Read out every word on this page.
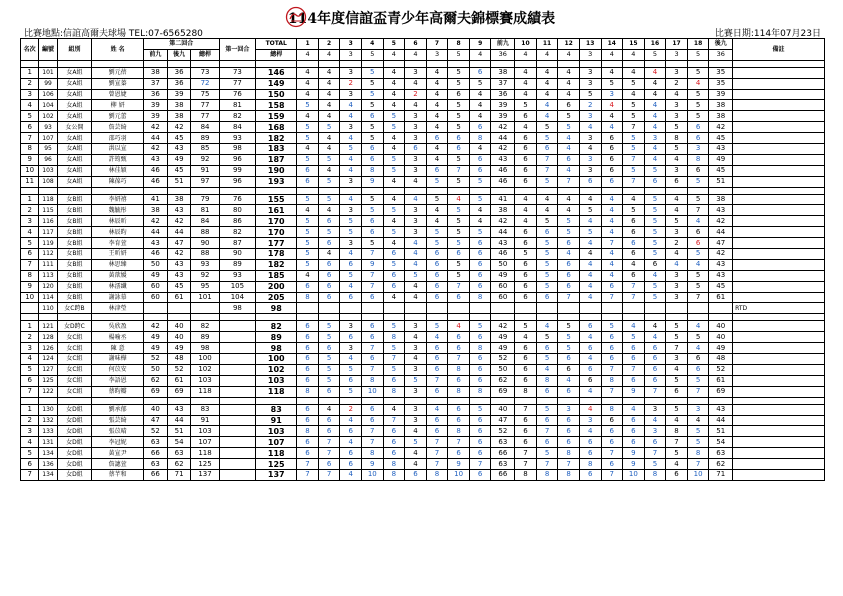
114年度信誼盃青少年高爾夫錦標賽成績表
比賽地點:信誼高爾夫球場 TEL:07-6565280	比賽日期:114年07月23日
名次	編號	組別	姓 名	第二回合			第一回合	TOTAL	1	2	3	4	5	6	7	8	9	前九	10	11	12	13	14	15	16	17	18	後九	備註
				前九	後九	總桿		總桿	4	4	3	5	4	4	3	5	4	36	4	4	4	3	4	4	5	3	5	36	

1	101	女A組	劉元蓓	38	36	73	73	146	4	4	3	5	4	3	4	5	6	38	4	4	4	3	4	4	4	3	5	35	
2	99	女A組	劉宣蓁	37	36	72	77	149	4	4	2	5	4	4	4	5	5	37	4	4	4	3	5	5	4	2	4	35	
3	106	女A組	曾恩婕	36	39	75	76	150	4	4	3	5	4	2	4	6	4	36	4	4	4	5	3	4	4	4	5	39	
4	104	女A組	柳 妍	39	38	77	81	158	5	4	4	5	4	4	4	5	4	39	5	4	6	2	4	5	4	3	5	38	
5	102	女A組	劉元蕾	39	38	77	82	159	4	4	4	6	5	3	4	5	4	39	6	4	5	3	4	5	4	3	5	38	
6	93	女公開	詹芸綺	42	42	84	84	168	5	5	3	5	5	3	4	5	6	42	4	5	5	4	4	7	4	5	6	42	
7	107	女A組	邵巧羽	44	45	89	93	182	5	4	4	5	4	3	6	6	8	44	6	5	4	3	6	5	3	8	6	45	
8	95	女A組	洪以宣	42	43	85	98	183	4	4	5	6	4	6	4	6	4	42	6	6	4	4	6	5	4	5	3	43	
9	96	女A組	許筠甄	43	49	92	96	187	5	5	4	6	5	3	4	5	6	43	6	7	6	3	6	7	4	4	8	49	
10	103	女A組	林佳穎	46	45	91	99	190	6	4	4	8	5	3	6	7	6	46	6	7	4	3	6	5	5	3	6	45	
11	108	女A組	陳葆巧	46	51	97	96	193	6	5	3	9	4	4	5	5	5	46	6	5	7	6	6	7	6	6	5	51	

1	118	女B組	李妍禧	41	38	79	76	155	5	5	4	5	4	4	5	4	5	41	4	4	4	4	4	4	5	4	5	38	
2	115	女B組	魏毓彤	38	43	81	80	161	4	4	3	5	5	3	4	5	4	38	4	4	4	5	4	5	5	4	7	43	
3	116	女B組	林辰昕	42	42	84	86	170	5	6	5	6	4	3	4	5	4	42	4	5	5	4	4	6	5	5	4	42	
4	117	女B組	林辰昀	44	44	88	82	170	5	5	5	6	5	3	5	5	5	44	6	6	5	5	4	6	5	3	6	44	
5	119	女B組	李育萱	43	47	90	87	177	5	6	3	5	4	4	5	5	6	43	6	5	6	4	7	6	5	2	6	47	
6	112	女B組	王昕妍	46	42	88	90	178	5	4	4	7	6	4	6	6	6	46	5	5	4	4	4	6	5	4	5	42	
7	111	女B組	林思臻	50	43	93	89	182	5	6	6	9	5	4	6	5	6	50	6	5	6	4	4	4	6	4	4	43	
8	113	女B組	黃歆媛	49	43	92	93	185	4	6	5	7	6	5	6	5	6	49	6	5	6	4	4	6	4	3	5	43	
9	120	女B組	林澐纖	60	45	95	105	200	6	6	4	7	6	4	6	7	6	60	6	5	6	4	6	7	5	3	5	45	
10	114	女B組	謝詠慕	60	61	101	104	205	8	6	6	6	4	4	6	6	8	60	6	6	7	4	7	7	5	3	7	61	
	110	女C跨B	林津瑩				98	98																					RTD

1	121	女D跨C	吳欣盈	42	40	82		82	6	5	3	6	5	3	5	4	5	42	5	4	5	6	5	4	4	5	4	40	
2	128	女C組	楊喻丞	49	40	89		89	6	5	6	6	8	4	4	6	6	49	4	5	5	4	6	5	4	5	5	40	
3	126	女C組	陳 意	49	49	98		98	6	6	3	7	5	3	6	6	8	49	6	6	5	6	6	6	6	7	4	49	
4	124	女C組	謝味樺	52	48	100		100	6	5	4	6	7	4	6	7	6	52	6	5	6	4	6	6	6	3	6	48	
5	127	女C組	何苡安	50	52	102		102	6	5	5	7	5	3	6	8	6	50	6	4	6	6	7	7	6	4	6	52	
6	125	女C組	李語恩	62	61	103		103	6	5	6	8	6	5	7	6	6	62	6	8	4	6	8	6	6	5	5	61	
7	122	女C組	蔡昀瓣	69	69	118		118	8	6	5	10	8	3	6	8	8	69	8	6	6	4	7	9	7	6	7	69	

1	130	女D組	劉承郁	40	43	83		83	6	4	2	6	4	3	4	6	5	40	7	5	3	4	8	4	3	5	3	43	
2	132	女D組	張芸綺	47	44	91		91	6	6	4	6	7	3	6	6	6	47	6	6	6	3	6	6	4	4	4	44	
3	133	女D組	張苡晴	52	51	103		103	8	6	6	7	6	4	6	8	6	52	6	7	6	4	6	6	3	8	5	51	
4	131	女D組	李冠妮	63	54	107		107	6	7	4	7	6	5	7	7	6	63	6	6	6	6	6	6	6	7	5	54	
5	134	女D組	黃宣尹	66	63	118		118	6	7	6	8	6	4	7	6	6	66	7	5	8	6	7	9	7	5	8	63	
6	136	女D組	詹譓萱	63	62	125		125	7	6	6	9	8	4	7	9	7	63	7	7	7	8	6	9	5	4	7	62	
7	134	女D組	蔡芊和	66	71	137		137	7	7	4	10	8	6	8	10	6	66	8	8	8	6	7	10	8	6	10	71	
